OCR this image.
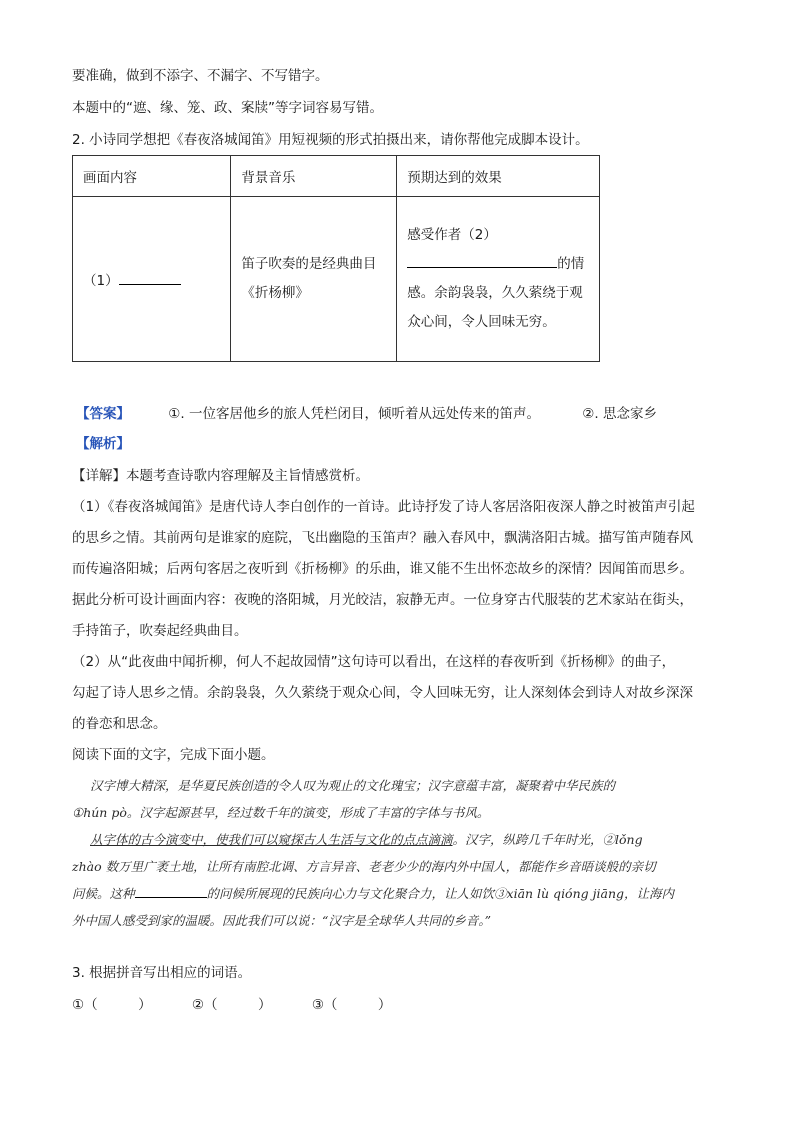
要准确，做到不添字、不漏字、不写错字。
本题中的“遮、缘、笼、政、案牍”等字词容易写错。
2. 小诗同学想把《春夜洛城闻笛》用短视频的形式拍摄出来，请你帮他完成脚本设计。
画面内容	背景音乐	预期达到的效果
（1）	笛子吹奏的是经典曲目《折杨柳》	感受作者（2）
的情感。余韵袅袅，久久萦绕于观众心间，令人回味无穷。
【答案】	①. 一位客居他乡的旅人凭栏闭目，倾听着从远处传来的笛声。	②. 思念家乡
【解析】
【详解】本题考查诗歌内容理解及主旨情感赏析。
（1）《春夜洛城闻笛》是唐代诗人李白创作的一首诗。此诗抒发了诗人客居洛阳夜深人静之时被笛声引起
的思乡之情。其前两句是谁家的庭院，飞出幽隐的玉笛声？融入春风中，飘满洛阳古城。描写笛声随春风
而传遍洛阳城；后两句客居之夜听到《折杨柳》的乐曲，谁又能不生出怀恋故乡的深情？因闻笛而思乡。
据此分析可设计画面内容：夜晚的洛阳城，月光皎洁，寂静无声。一位身穿古代服装的艺术家站在街头，
手持笛子，吹奏起经典曲目。
（2）从“此夜曲中闻折柳，何人不起故园情”这句诗可以看出，在这样的春夜听到《折杨柳》的曲子，
勾起了诗人思乡之情。余韵袅袅，久久萦绕于观众心间，令人回味无穷，让人深刻体会到诗人对故乡深深
的眷恋和思念。
阅读下面的文字，完成下面小题。
汉字博大精深，是华夏民族创造的令人叹为观止的文化瑰宝；汉字意蕴丰富，凝聚着中华民族的
①hún pò。汉字起源甚早，经过数千年的演变，形成了丰富的字体与书风。
从字体的古今演变中，使我们可以窥探古人生活与文化的点点滴滴。汉字，纵跨几千年时光，②lǒng
zhào 数万里广袤土地，让所有南腔北调、方言异音、老老少少的海内外中国人，都能作乡音晤谈般的亲切
问候。这种	的问候所展现的民族向心力与文化聚合力，让人如饮③xiān lù qióng jiāng，让海内
外中国人感受到家的温暖。因此我们可以说：“汉字是全球华人共同的乡音。”
3. 根据拼音写出相应的词语。
①（　　　）	②（　　　）	③（　　　）
